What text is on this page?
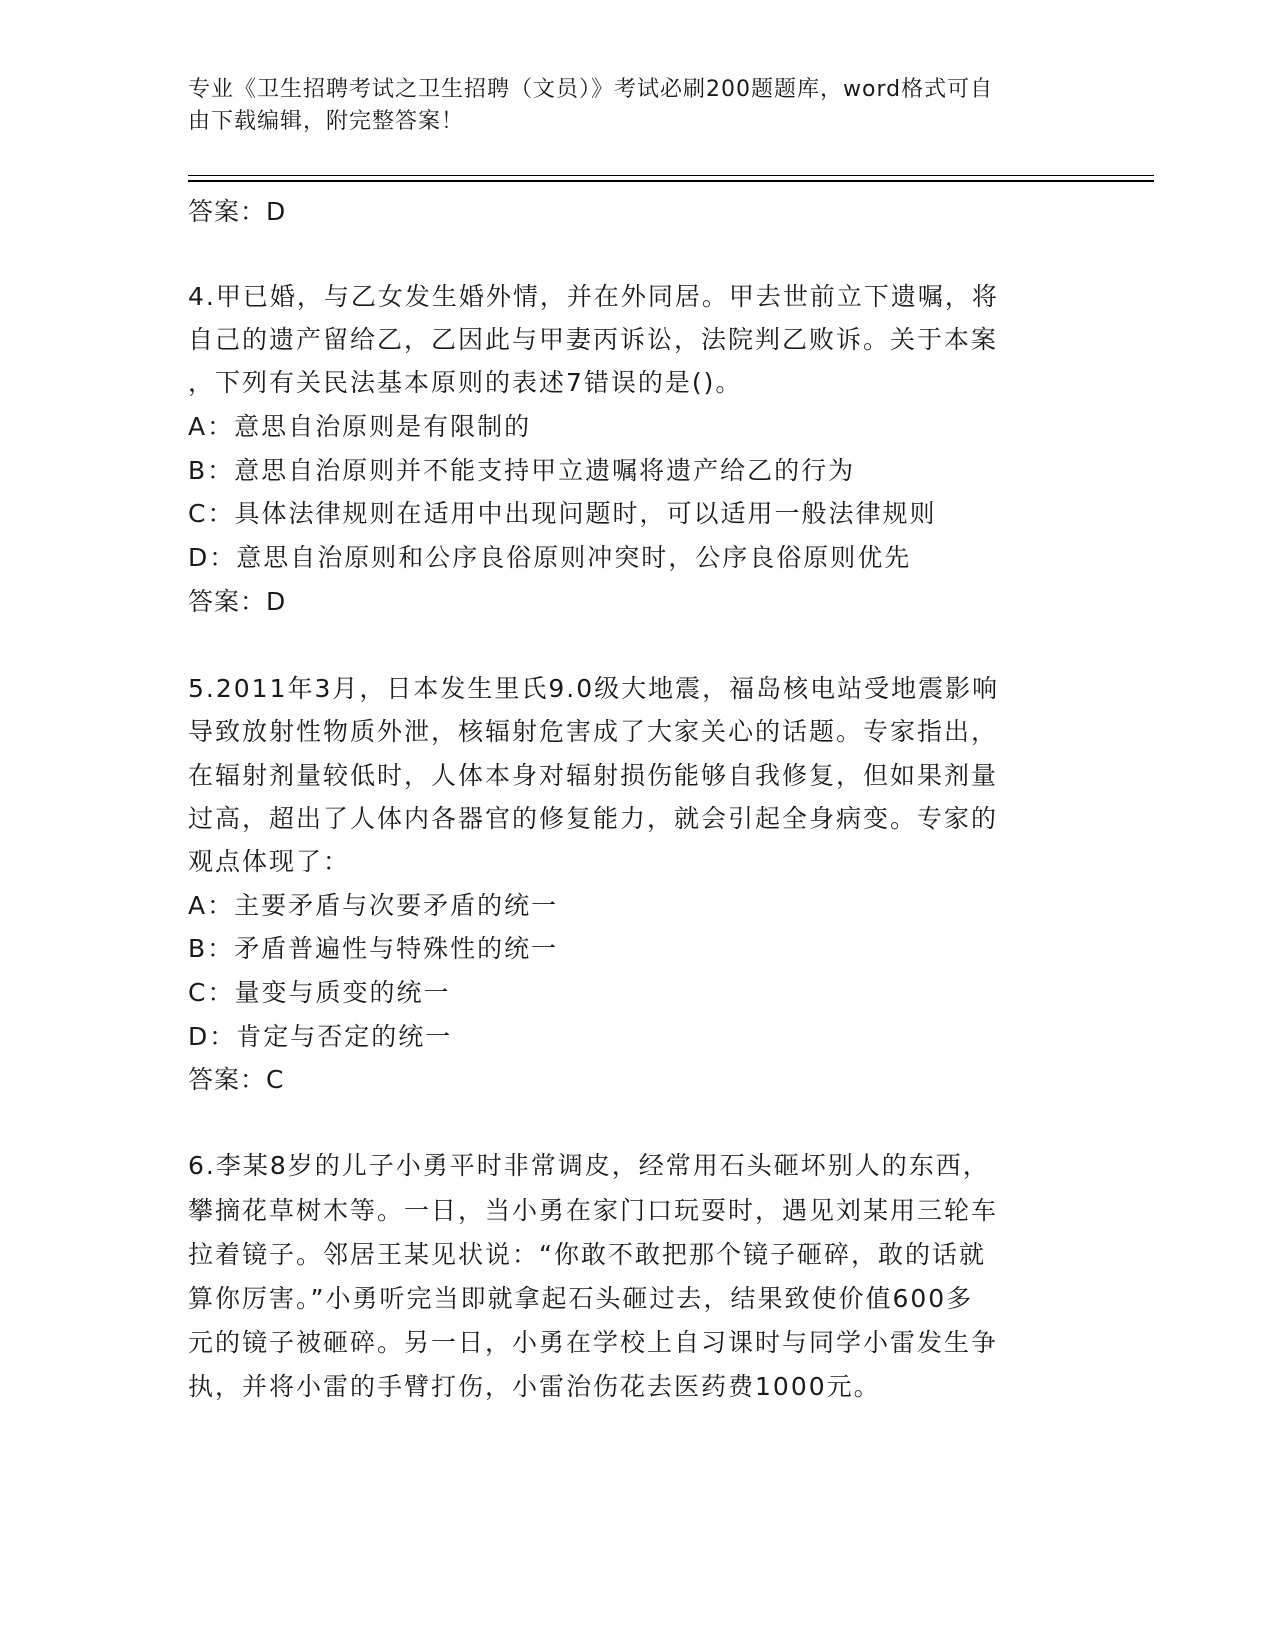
专业《卫生招聘考试之卫生招聘（文员）》考试必刷200题题库，word格式可自
由下载编辑，附完整答案！
答案：D
4.甲已婚，与乙女发生婚外情，并在外同居。甲去世前立下遗嘱，将
自己的遗产留给乙，乙因此与甲妻丙诉讼，法院判乙败诉。关于本案
，下列有关民法基本原则的表述7错误的是()。
A：意思自治原则是有限制的
B：意思自治原则并不能支持甲立遗嘱将遗产给乙的行为
C：具体法律规则在适用中出现问题时，可以适用一般法律规则
D：意思自治原则和公序良俗原则冲突时，公序良俗原则优先
答案：D
5.2011年3月，日本发生里氏9.0级大地震，福岛核电站受地震影响
导致放射性物质外泄，核辐射危害成了大家关心的话题。专家指出，
在辐射剂量较低时，人体本身对辐射损伤能够自我修复，但如果剂量
过高，超出了人体内各器官的修复能力，就会引起全身病变。专家的
观点体现了：
A：主要矛盾与次要矛盾的统一
B：矛盾普遍性与特殊性的统一
C：量变与质变的统一
D：肯定与否定的统一
答案：C
6.李某8岁的儿子小勇平时非常调皮，经常用石头砸坏别人的东西，
攀摘花草树木等。一日，当小勇在家门口玩耍时，遇见刘某用三轮车
拉着镜子。邻居王某见状说：“你敢不敢把那个镜子砸碎，敢的话就
算你厉害。”小勇听完当即就拿起石头砸过去，结果致使价值600多
元的镜子被砸碎。另一日，小勇在学校上自习课时与同学小雷发生争
执，并将小雷的手臂打伤，小雷治伤花去医药费1000元。
